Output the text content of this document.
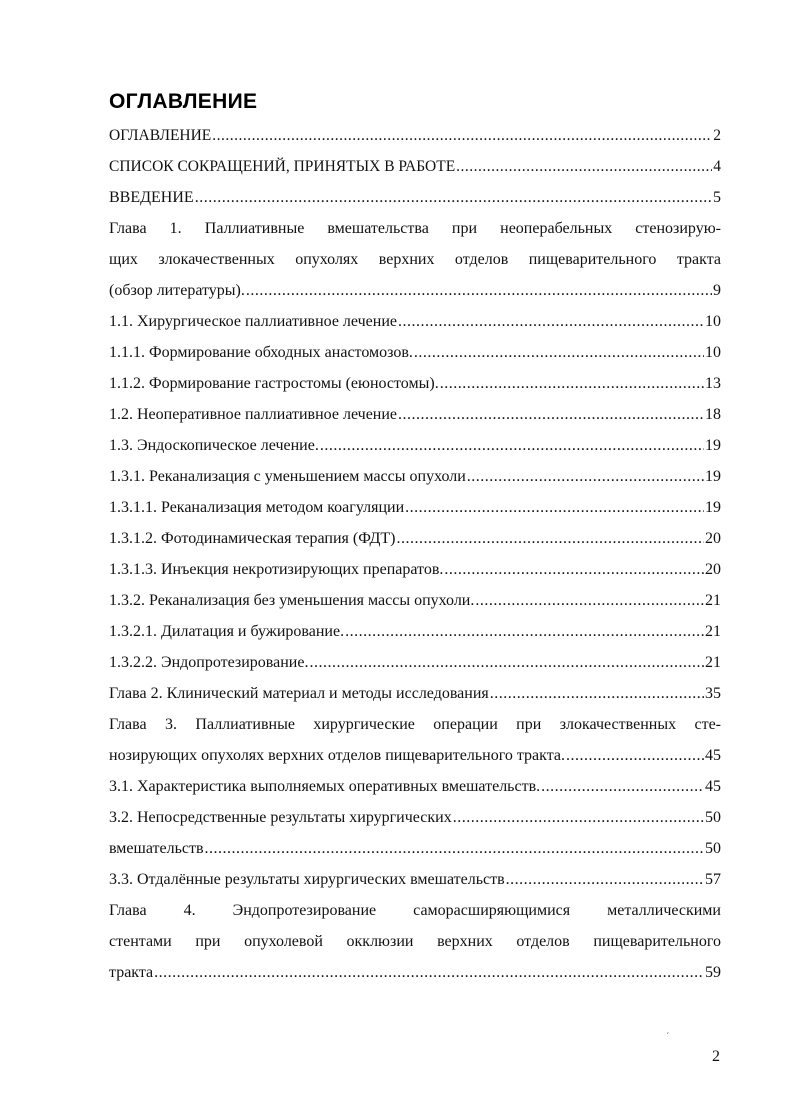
ОГЛАВЛЕНИЕ
ОГЛАВЛЕНИЕ .....	2
СПИСОК СОКРАЩЕНИЙ, ПРИНЯТЫХ В РАБОТЕ .....	4
ВВЕДЕНИЕ .....	5
Глава 1. Паллиативные вмешательства при неоперабельных стенозирую-
щих злокачественных опухолях верхних отделов пищеварительного тракта
(обзор литературы). .....	9
1.1. Хирургическое паллиативное лечение .....	10
1.1.1. Формирование обходных анастомозов. .....	10
1.1.2. Формирование гастростомы (еюностомы). .....	13
1.2. Неоперативное паллиативное лечение .....	18
1.3. Эндоскопическое лечение. .....	19
1.3.1. Реканализация с уменьшением массы опухоли .....	19
1.3.1.1. Реканализация методом коагуляции .....	19
1.3.1.2. Фотодинамическая терапия (ФДТ) .....	20
1.3.1.3. Инъекция некротизирующих препаратов. .....	20
1.3.2. Реканализация без уменьшения массы опухоли. .....	21
1.3.2.1. Дилатация и бужирование. .....	21
1.3.2.2. Эндопротезирование. .....	21
Глава 2. Клинический материал и методы исследования .....	35
Глава 3. Паллиативные хирургические операции при злокачественных сте-
нозирующих опухолях верхних отделов пищеварительного тракта. .....	45
3.1. Характеристика выполняемых оперативных вмешательств. .....	45
3.2. Непосредственные результаты хирургических .....	50
вмешательств .....	50
3.3. Отдалённые результаты хирургических вмешательств .....	57
Глава 4. Эндопротезирование саморасширяющимися металлическими
стентами при опухолевой окклюзии верхних отделов пищеварительного
тракта .....	59
´
2
